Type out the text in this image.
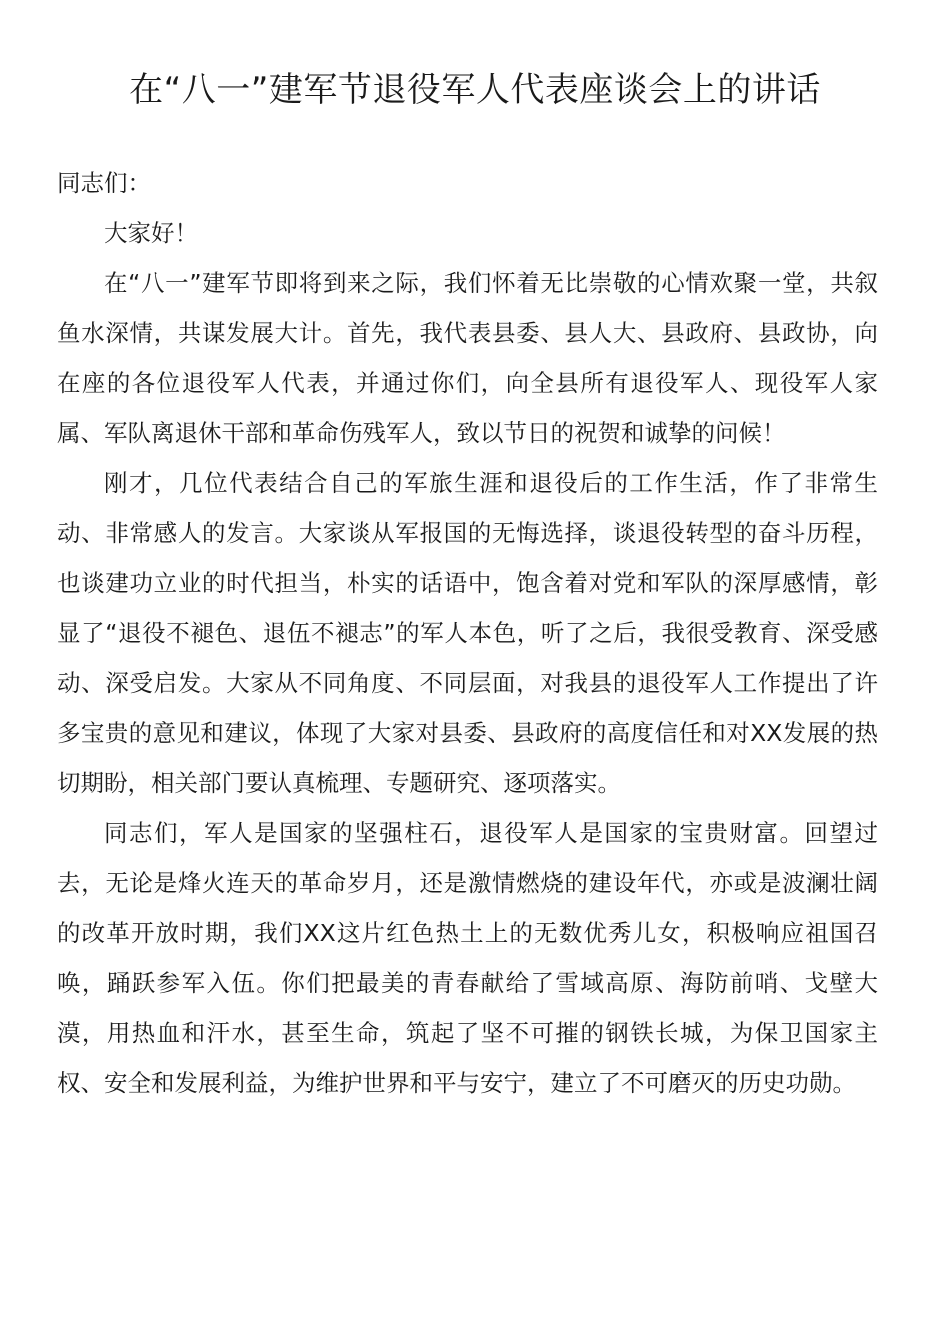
在“八一”建军节退役军人代表座谈会上的讲话

同志们：

大家好！

在“八一”建军节即将到来之际，我们怀着无比崇敬的心情欢聚一堂，共叙鱼水深情，共谋发展大计。首先，我代表县委、县人大、县政府、县政协，向在座的各位退役军人代表，并通过你们，向全县所有退役军人、现役军人家属、军队离退休干部和革命伤残军人，致以节日的祝贺和诚挚的问候！

刚才，几位代表结合自己的军旅生涯和退役后的工作生活，作了非常生动、非常感人的发言。大家谈从军报国的无悔选择，谈退役转型的奋斗历程，也谈建功立业的时代担当，朴实的话语中，饱含着对党和军队的深厚感情，彰显了“退役不褪色、退伍不褪志”的军人本色，听了之后，我很受教育、深受感动、深受启发。大家从不同角度、不同层面，对我县的退役军人工作提出了许多宝贵的意见和建议，体现了大家对县委、县政府的高度信任和对XX发展的热切期盼，相关部门要认真梳理、专题研究、逐项落实。

同志们，军人是国家的坚强柱石，退役军人是国家的宝贵财富。回望过去，无论是烽火连天的革命岁月，还是激情燃烧的建设年代，亦或是波澜壮阔的改革开放时期，我们XX这片红色热土上的无数优秀儿女，积极响应祖国召唤，踊跃参军入伍。你们把最美的青春献给了雪域高原、海防前哨、戈壁大漠，用热血和汗水，甚至生命，筑起了坚不可摧的钢铁长城，为保卫国家主权、安全和发展利益，为维护世界和平与安宁，建立了不可磨灭的历史功勋。
